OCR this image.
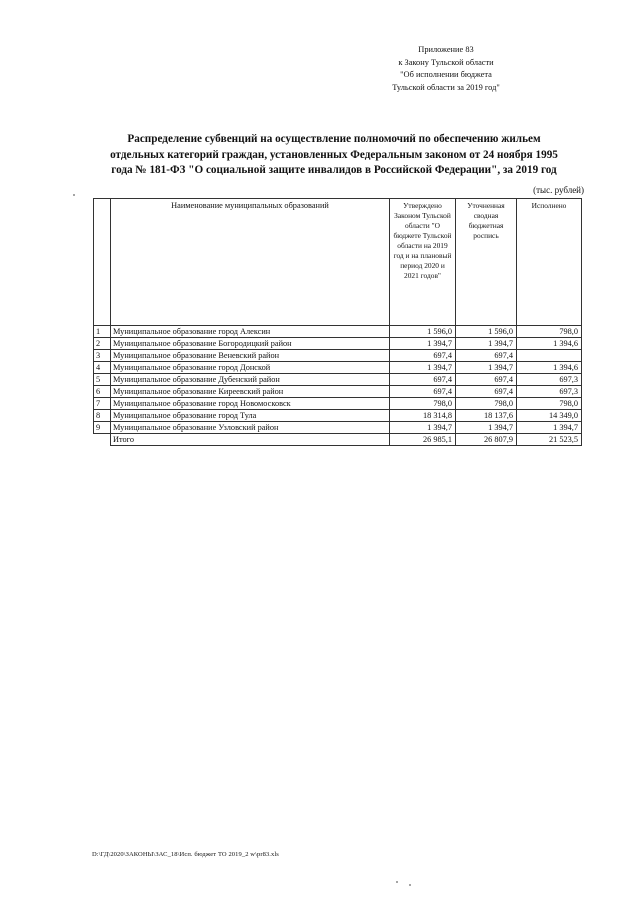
Приложение 83
к Закону Тульской области
"Об исполнении бюджета
Тульской области за 2019 год"
Распределение субвенций на осуществление полномочий по обеспечению жильем
отдельных категорий граждан, установленных Федеральным законом от 24 ноября 1995
года № 181-ФЗ "О социальной защите инвалидов в Российской Федерации", за 2019 год
(тыс. рублей)
	Наименование муниципальных образований	Утверждено Законом Тульской области "О бюджете Тульской области на 2019 год и на плановый период 2020 и 2021 годов"	Уточненная сводная бюджетная роспись	Исполнено
1	Муниципальное образование город Алексин	1 596,0	1 596,0	798,0
2	Муниципальное образование Богородицкий район	1 394,7	1 394,7	1 394,6
3	Муниципальное образование Веневский район	697,4	697,4	
4	Муниципальное образование город Донской	1 394,7	1 394,7	1 394,6
5	Муниципальное образование Дубенский район	697,4	697,4	697,3
6	Муниципальное образование Киреевский район	697,4	697,4	697,3
7	Муниципальное образование город Новомосковск	798,0	798,0	798,0
8	Муниципальное образование город Тула	18 314,8	18 137,6	14 349,0
9	Муниципальное образование Узловский район	1 394,7	1 394,7	1 394,7
	Итого	26 985,1	26 807,9	21 523,5
D:\ГД\2020\ЗАКОНЫ\ЗАС_18\Исп. бюджет ТО 2019_2 w\pr83.xls
